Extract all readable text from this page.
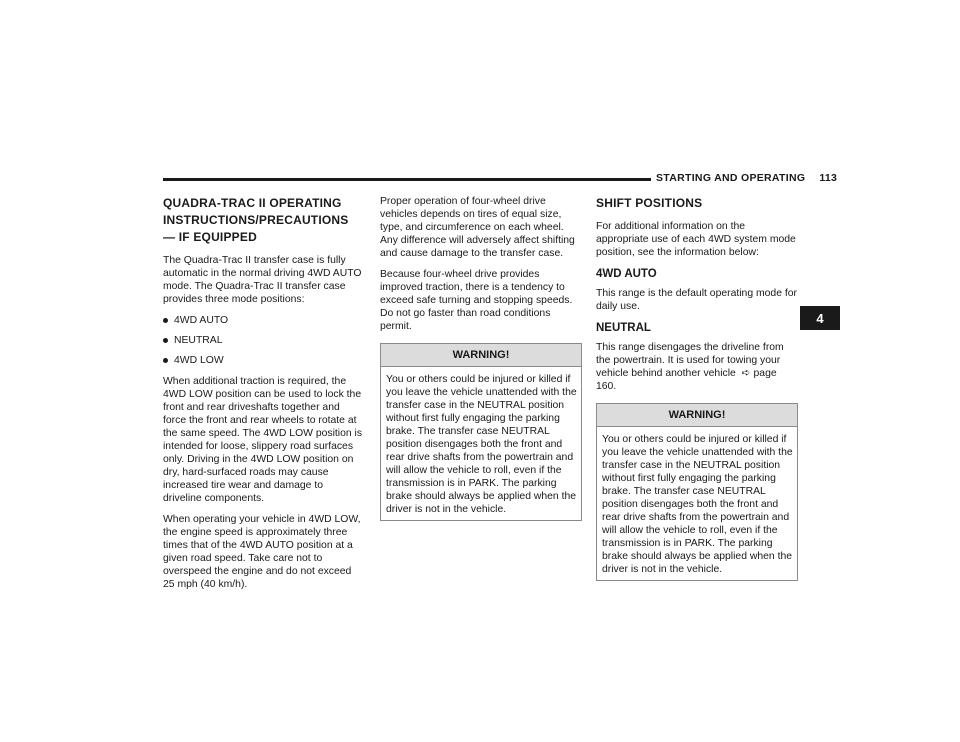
STARTING AND OPERATING 113
4
QUADRA-TRAC II OPERATING INSTRUCTIONS/PRECAUTIONS — IF EQUIPPED

The Quadra-Trac II transfer case is fully automatic in the normal driving 4WD AUTO mode. The Quadra-Trac II transfer case provides three mode positions:

4WD AUTO
NEUTRAL
4WD LOW

When additional traction is required, the 4WD LOW position can be used to lock the front and rear driveshafts together and force the front and rear wheels to rotate at the same speed. The 4WD LOW position is intended for loose, slippery road surfaces only. Driving in the 4WD LOW position on dry, hard-surfaced roads may cause increased tire wear and damage to driveline components.

When operating your vehicle in 4WD LOW, the engine speed is approximately three times that of the 4WD AUTO position at a given road speed. Take care not to overspeed the engine and do not exceed 25 mph (40 km/h).

Proper operation of four-wheel drive vehicles depends on tires of equal size, type, and circumference on each wheel. Any difference will adversely affect shifting and cause damage to the transfer case.

Because four-wheel drive provides improved traction, there is a tendency to exceed safe turning and stopping speeds. Do not go faster than road conditions permit.

WARNING!
You or others could be injured or killed if you leave the vehicle unattended with the transfer case in the NEUTRAL position without first fully engaging the parking brake. The transfer case NEUTRAL position disengages both the front and rear drive shafts from the powertrain and will allow the vehicle to roll, even if the transmission is in PARK. The parking brake should always be applied when the driver is not in the vehicle.
SHIFT POSITIONS

For additional information on the appropriate use of each 4WD system mode position, see the information below:

4WD AUTO

This range is the default operating mode for daily use.

NEUTRAL

This range disengages the driveline from the powertrain. It is used for towing your vehicle behind another vehicle ➪ page 160.

WARNING!
You or others could be injured or killed if you leave the vehicle unattended with the transfer case in the NEUTRAL position without first fully engaging the parking brake. The transfer case NEUTRAL position disengages both the front and rear drive shafts from the powertrain and will allow the vehicle to roll, even if the transmission is in PARK. The parking brake should always be applied when the driver is not in the vehicle.
